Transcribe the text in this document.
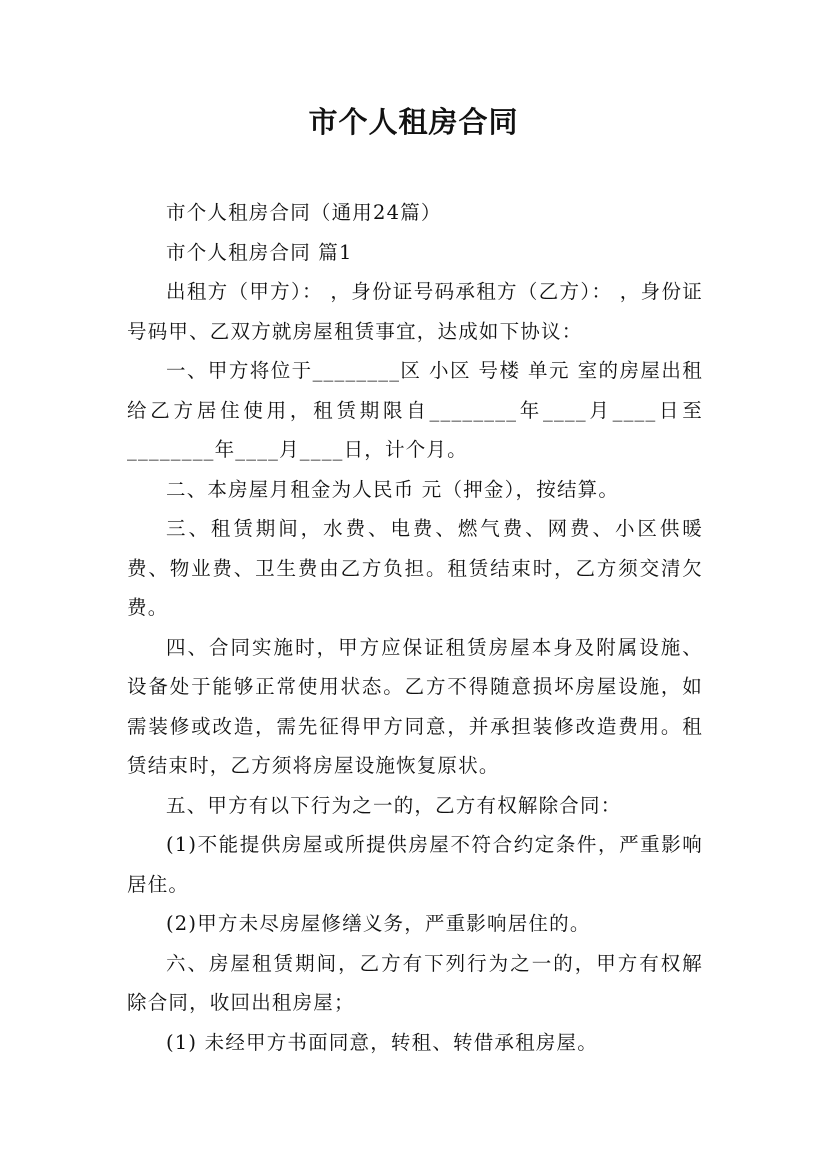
市个人租房合同

市个人租房合同（通用24篇）

市个人租房合同 篇1

出租方（甲方）： ，身份证号码承租方（乙方）： ，身份证号码甲、乙双方就房屋租赁事宜，达成如下协议：

一、甲方将位于________区 小区 号楼 单元 室的房屋出租给乙方居住使用，租赁期限自________年____月____日至________年____月____日，计个月。

二、本房屋月租金为人民币 元（押金），按结算。

三、租赁期间，水费、电费、燃气费、网费、小区供暖费、物业费、卫生费由乙方负担。租赁结束时，乙方须交清欠费。

四、合同实施时，甲方应保证租赁房屋本身及附属设施、设备处于能够正常使用状态。乙方不得随意损坏房屋设施，如需装修或改造，需先征得甲方同意，并承担装修改造费用。租赁结束时，乙方须将房屋设施恢复原状。

五、甲方有以下行为之一的，乙方有权解除合同：

(1)不能提供房屋或所提供房屋不符合约定条件，严重影响居住。

(2)甲方未尽房屋修缮义务，严重影响居住的。

六、房屋租赁期间，乙方有下列行为之一的，甲方有权解除合同，收回出租房屋；

(1) 未经甲方书面同意，转租、转借承租房屋。
